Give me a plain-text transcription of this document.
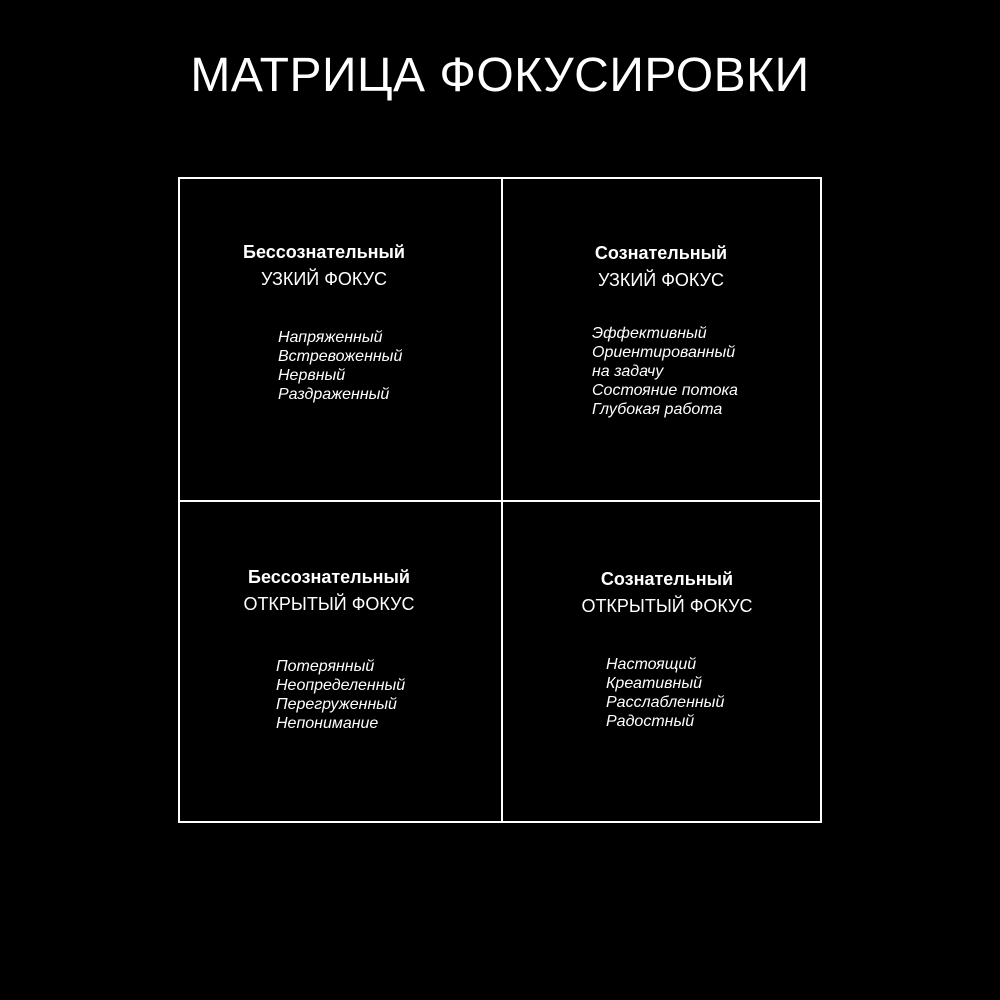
МАТРИЦА ФОКУСИРОВКИ
Бессознательный
УЗКИЙ ФОКУС
Напряженный
Встревоженный
Нервный
Раздраженный
Сознательный
УЗКИЙ ФОКУС
Эффективный
Ориентированный
на задачу
Состояние потока
Глубокая работа
Бессознательный
ОТКРЫТЫЙ ФОКУС
Потерянный
Неопределенный
Перегруженный
Непонимание
Сознательный
ОТКРЫТЫЙ ФОКУС
Настоящий
Креативный
Расслабленный
Радостный
